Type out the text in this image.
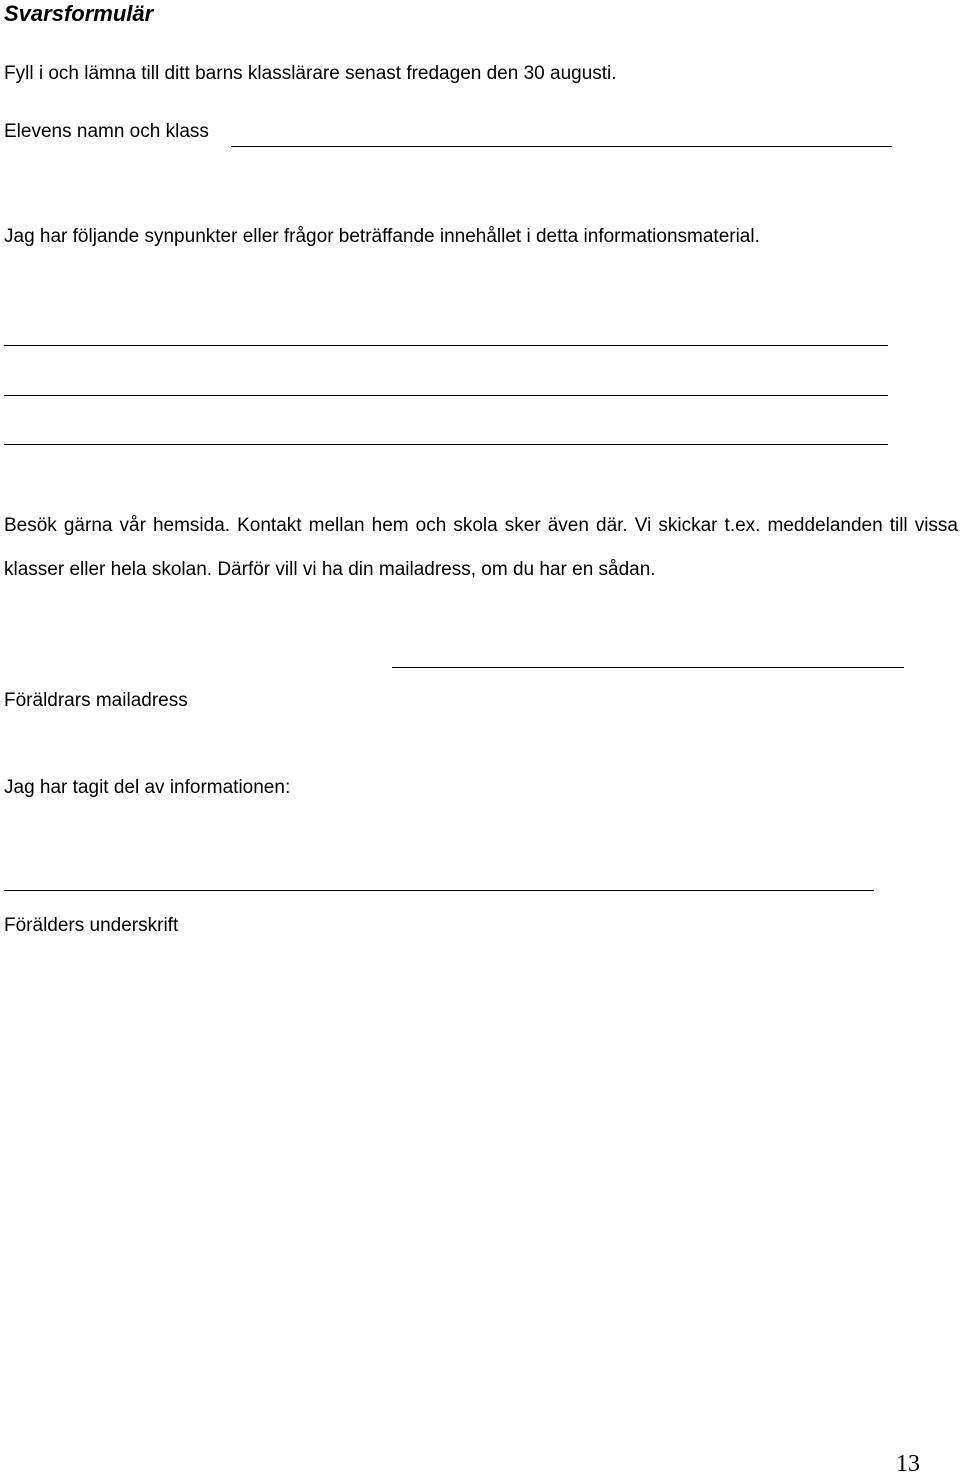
Svarsformulär
Fyll i och lämna till ditt barns klasslärare senast fredagen den 30 augusti.
Elevens namn och klass
Jag har följande synpunkter eller frågor beträffande innehållet i detta informationsmaterial.
Besök gärna vår hemsida. Kontakt mellan hem och skola sker även där. Vi skickar t.ex. meddelanden till vissa klasser eller hela skolan. Därför vill vi ha din mailadress, om du har en sådan.
Föräldrars mailadress
Jag har tagit del av informationen:
Förälders underskrift
13
